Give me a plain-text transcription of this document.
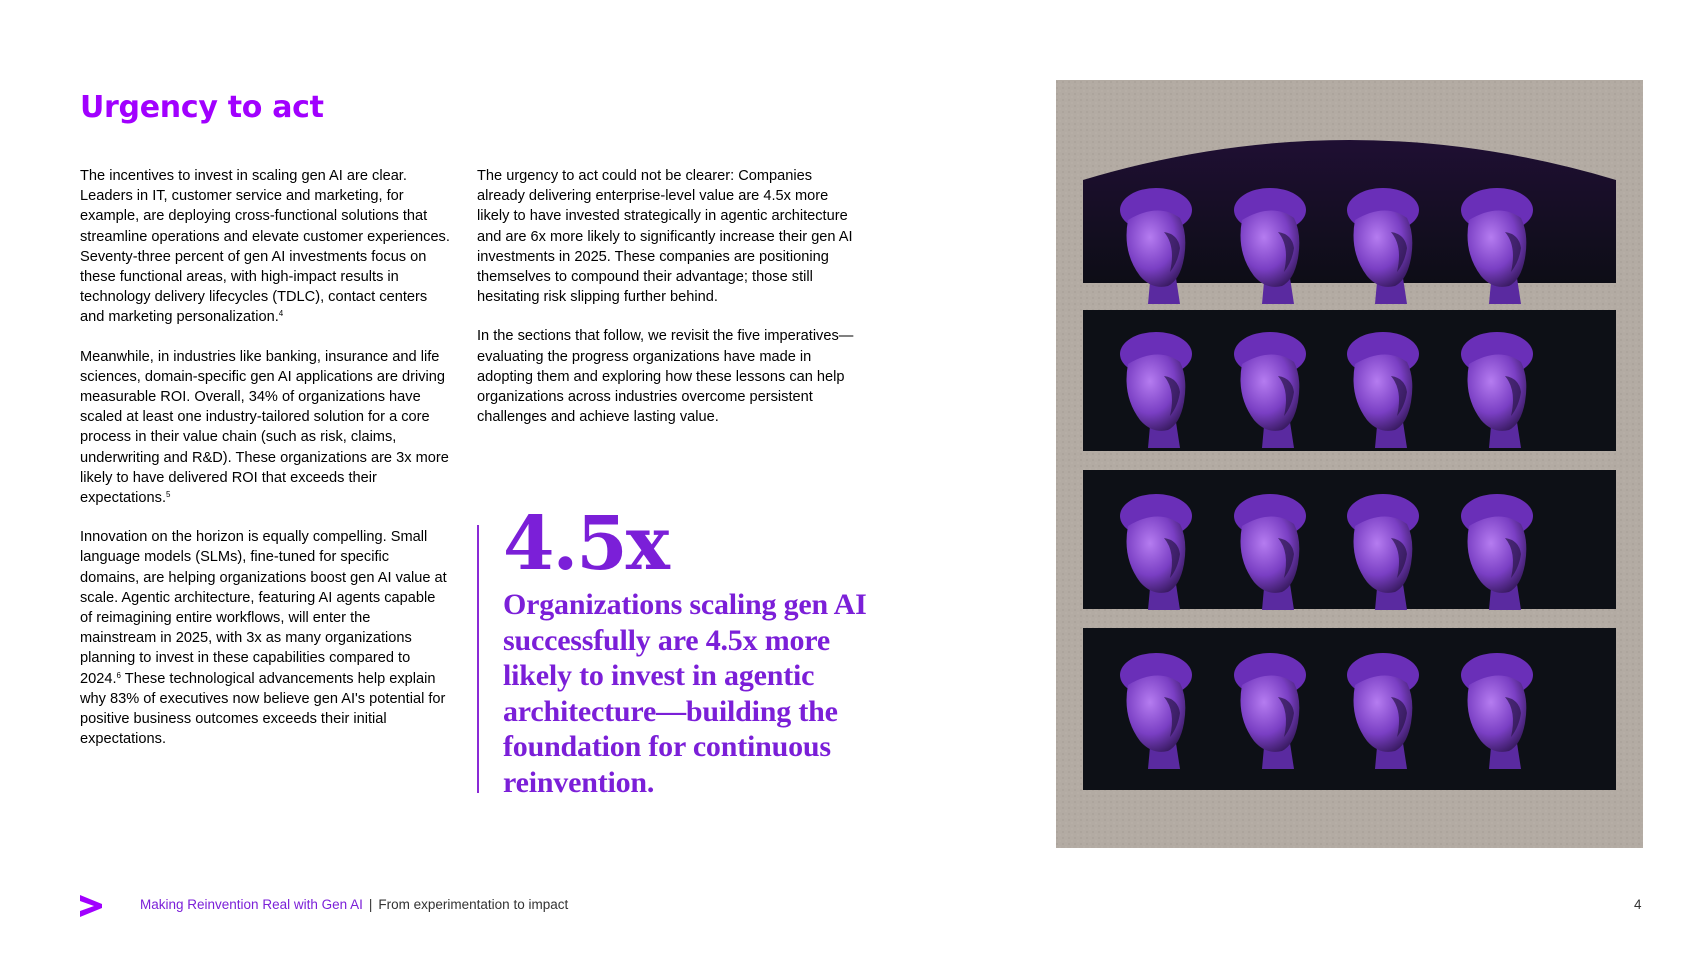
Urgency to act

The incentives to invest in scaling gen AI are clear. Leaders in IT, customer service and marketing, for example, are deploying cross-functional solutions that streamline operations and elevate customer experiences. Seventy-three percent of gen AI investments focus on these functional areas, with high-impact results in technology delivery lifecycles (TDLC), contact centers and marketing personalization.$^4$

Meanwhile, in industries like banking, insurance and life sciences, domain-specific gen AI applications are driving measurable ROI. Overall, 34% of organizations have scaled at least one industry-tailored solution for a core process in their value chain (such as risk, claims, underwriting and R&D). These organizations are 3x more likely to have delivered ROI that exceeds their expectations.$^5$

Innovation on the horizon is equally compelling. Small language models (SLMs), fine-tuned for specific domains, are helping organizations boost gen AI value at scale. Agentic architecture, featuring AI agents capable of reimagining entire workflows, will enter the mainstream in 2025, with 3x as many organizations planning to invest in these capabilities compared to 2024.$^6$ These technological advancements help explain why 83% of executives now believe gen AI's potential for positive business outcomes exceeds their initial expectations.

The urgency to act could not be clearer: Companies already delivering enterprise-level value are 4.5x more likely to have invested strategically in agentic architecture and are 6x more likely to significantly increase their gen AI investments in 2025. These companies are positioning themselves to compound their advantage; those still hesitating risk slipping further behind.

In the sections that follow, we revisit the five imperatives—evaluating the progress organizations have made in adopting them and exploring how these lessons can help organizations across industries overcome persistent challenges and achieve lasting value.

4.5x

Organizations scaling gen AI successfully are 4.5x more likely to invest in agentic architecture—building the foundation for continuous reinvention.

Making Reinvention Real with Gen AI | From experimentation to impact	4
